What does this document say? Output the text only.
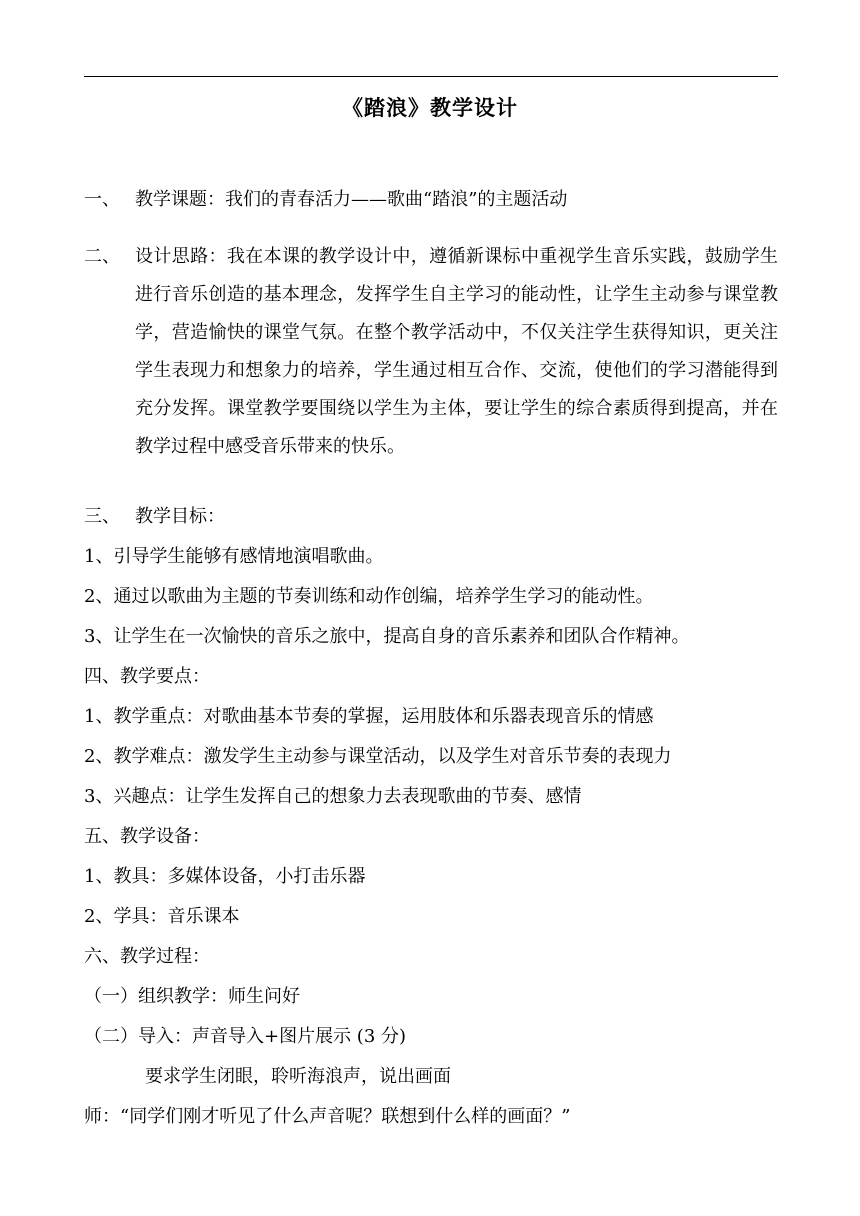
《踏浪》教学设计
一、 教学课题：我们的青春活力——歌曲“踏浪”的主题活动
二、 设计思路：我在本课的教学设计中，遵循新课标中重视学生音乐实践，鼓励学生进行音乐创造的基本理念，发挥学生自主学习的能动性，让学生主动参与课堂教学，营造愉快的课堂气氛。在整个教学活动中，不仅关注学生获得知识，更关注学生表现力和想象力的培养，学生通过相互合作、交流，使他们的学习潜能得到充分发挥。课堂教学要围绕以学生为主体，要让学生的综合素质得到提高，并在教学过程中感受音乐带来的快乐。
三、 教学目标：
1、引导学生能够有感情地演唱歌曲。
2、通过以歌曲为主题的节奏训练和动作创编，培养学生学习的能动性。
3、让学生在一次愉快的音乐之旅中，提高自身的音乐素养和团队合作精神。
四、教学要点：
1、教学重点：对歌曲基本节奏的掌握，运用肢体和乐器表现音乐的情感
2、教学难点：激发学生主动参与课堂活动，以及学生对音乐节奏的表现力
3、兴趣点：让学生发挥自己的想象力去表现歌曲的节奏、感情
五、教学设备：
1、教具：多媒体设备，小打击乐器
2、学具：音乐课本
六、教学过程：
（一）组织教学：师生问好
（二）导入：声音导入+图片展示 (3 分)
要求学生闭眼，聆听海浪声，说出画面
师：“同学们刚才听见了什么声音呢？联想到什么样的画面？”
